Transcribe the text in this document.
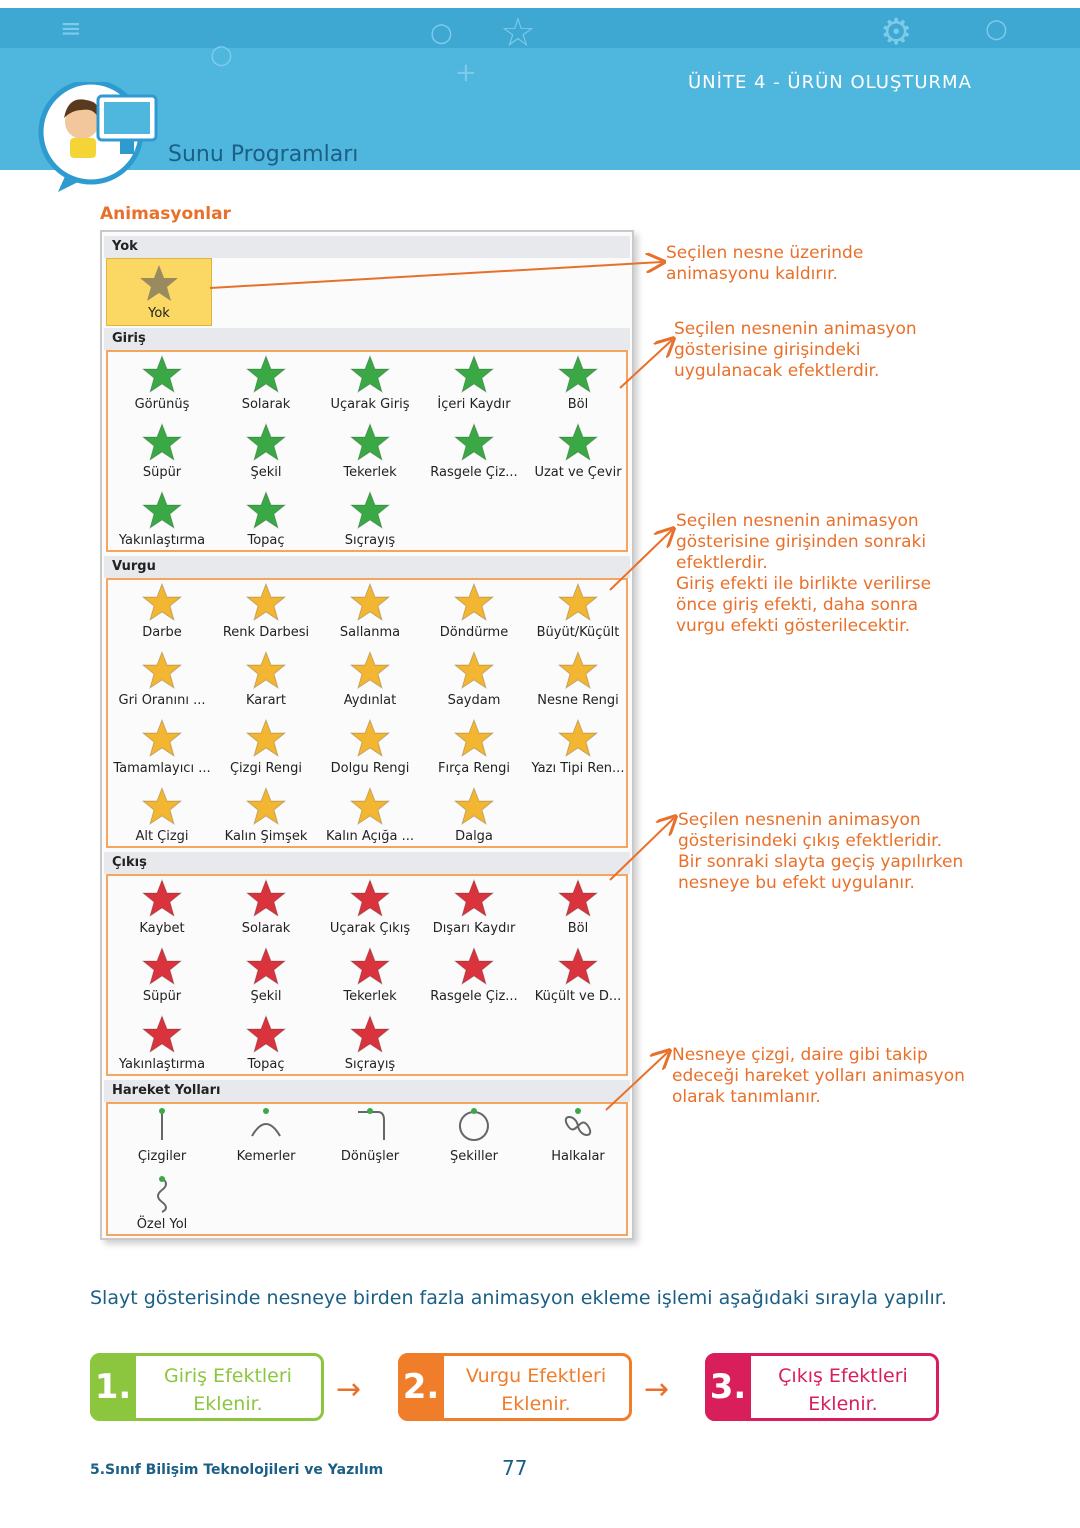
≡
○	☆
○
+
⚙	○
ÜNİTE 4 - ÜRÜN OLUŞTURMA
Sunu Programları
Animasyonlar
Yok
Yok
Giriş
Görünüş	Solarak	Uçarak Giriş	İçeri Kaydır	Böl
Süpür	Şekil	Tekerlek	Rasgele Çiz...	Uzat ve Çevir
Yakınlaştırma	Topaç	Sıçrayış
Vurgu
Darbe	Renk Darbesi	Sallanma	Döndürme	Büyüt/Küçült
Gri Oranını ...	Karart	Aydınlat	Saydam	Nesne Rengi
Tamamlayıcı ...	Çizgi Rengi	Dolgu Rengi	Fırça Rengi	Yazı Tipi Ren...
Alt Çizgi	Kalın Şimşek	Kalın Açığa ...	Dalga
Çıkış
Kaybet	Solarak	Uçarak Çıkış	Dışarı Kaydır	Böl
Süpür	Şekil	Tekerlek	Rasgele Çiz...	Küçült ve D...
Yakınlaştırma	Topaç	Sıçrayış
Hareket Yolları
Çizgiler	Kemerler	Dönüşler	Şekiller	Halkalar
Özel Yol
Seçilen nesne üzerinde
animasyonu kaldırır.
Seçilen nesnenin animasyon
gösterisine girişindeki
uygulanacak efektlerdir.
Seçilen nesnenin animasyon
gösterisine girişinden sonraki
efektlerdir.
Giriş efekti ile birlikte verilirse
önce giriş efekti, daha sonra
vurgu efekti gösterilecektir.
Seçilen nesnenin animasyon
gösterisindeki çıkış efektleridir.
Bir sonraki slayta geçiş yapılırken
nesneye bu efekt uygulanır.
Nesneye çizgi, daire gibi takip
edeceği hareket yolları animasyon
olarak tanımlanır.
Slayt gösterisinde nesneye birden fazla animasyon ekleme işlemi aşağıdaki sırayla yapılır.
1.	Giriş Efektleri
Eklenir.	→ 2.	Vurgu Efektleri
Eklenir.	→ 3.	Çıkış Efektleri
Eklenir.
5.Sınıf Bilişim Teknolojileri ve Yazılım	77
